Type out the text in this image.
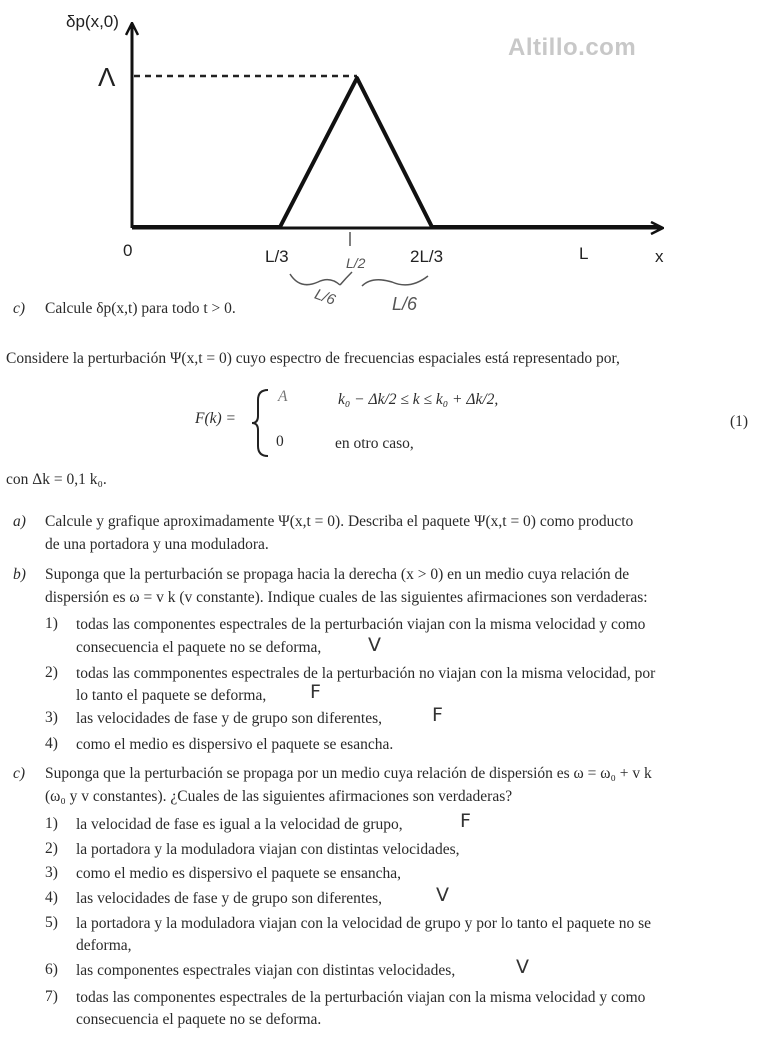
Altillo.com
δp(x,0)
Λ
x
0	L/3	2L/3	L
L/2
L/6	L/6
c) Calcule δp(x,t) para todo t > 0.
Considere la perturbación Ψ(x,t = 0) cuyo espectro de frecuencias espaciales está representado por,
F(k) =
A	k₀ − Δk/2 ≤ k ≤ k₀ + Δk/2,
0	en otro caso,
(1)
con Δk = 0,1 k₀.
a) Calcule y grafique aproximadamente Ψ(x,t = 0). Describa el paquete Ψ(x,t = 0) como producto
de una portadora y una moduladora.
b) Suponga que la perturbación se propaga hacia la derecha (x > 0) en un medio cuya relación de
dispersión es ω = v k (v constante). Indique cuales de las siguientes afirmaciones son verdaderas:
1) todas las componentes espectrales de la perturbación viajan con la misma velocidad y como
consecuencia el paquete no se deforma, V
2) todas las commponentes espectrales de la perturbación no viajan con la misma velocidad, por
lo tanto el paquete se deforma, F
3) las velocidades de fase y de grupo son diferentes,	F
4) como el medio es dispersivo el paquete se esancha.
c) Suponga que la perturbación se propaga por un medio cuya relación de dispersión es ω = ω₀ + v k
(ω₀ y v constantes). ¿Cuales de las siguientes afirmaciones son verdaderas?
1) la velocidad de fase es igual a la velocidad de grupo,	F
2) la portadora y la moduladora viajan con distintas velocidades,
3) como el medio es dispersivo el paquete se ensancha,
4) las velocidades de fase y de grupo son diferentes,	V
5) la portadora y la moduladora viajan con la velocidad de grupo y por lo tanto el paquete no se
deforma,
6) las componentes espectrales viajan con distintas velocidades,	V
7) todas las componentes espectrales de la perturbación viajan con la misma velocidad y como
consecuencia el paquete no se deforma.
